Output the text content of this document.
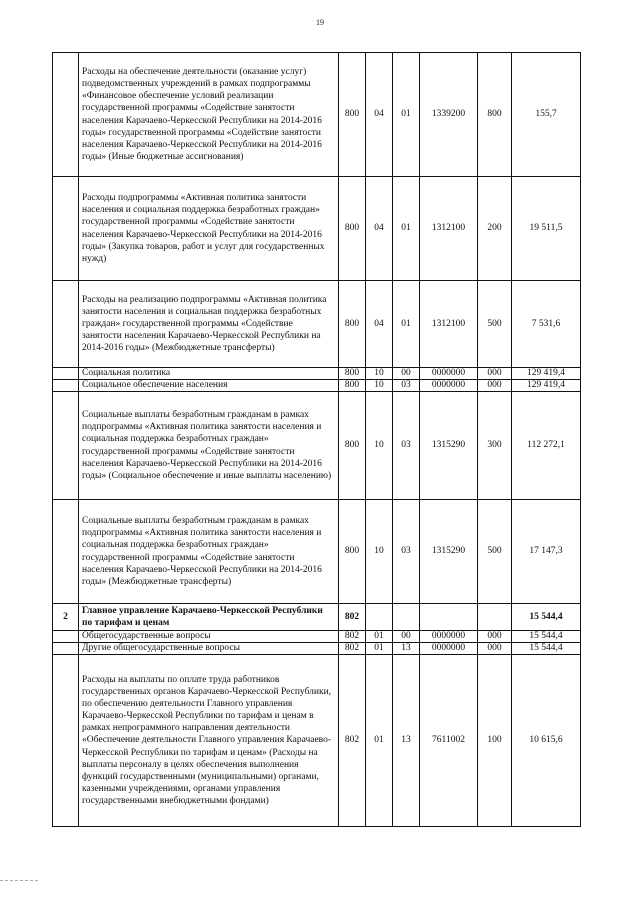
19
	Расходы на обеспечение деятельности (оказание услуг) подведомственных учреждений в рамках подпрограммы «Финансовое обеспечение условий реализации государственной программы «Содействие занятости населения Карачаево-Черкесской Республики на 2014-2016 годы» государственной программы «Содействие занятости населения Карачаево-Черкесской Республики на 2014-2016 годы» (Иные бюджетные ассигнования)	800	04	01	1339200	800	155,7
	Расходы подпрограммы «Активная политика занятости населения и социальная поддержка безработных граждан» государственной программы «Содействие занятости населения Карачаево-Черкесской Республики на 2014-2016 годы» (Закупка товаров, работ и услуг для государственных нужд)	800	04	01	1312100	200	19 511,5
	Расходы на реализацию подпрограммы «Активная политика занятости населения и социальная поддержка безработных граждан» государственной программы «Содействие занятости населения Карачаево-Черкесской Республики на 2014-2016 годы» (Межбюджетные трансферты)	800	04	01	1312100	500	7 531,6
	Социальная политика	800	10	00	0000000	000	129 419,4
	Социальное обеспечение населения	800	10	03	0000000	000	129 419,4
	Социальные выплаты безработным гражданам в рамках подпрограммы «Активная политика занятости населения и социальная поддержка безработных граждан» государственной программы «Содействие занятости населения Карачаево-Черкесской Республики на 2014-2016 годы» (Социальное обеспечение и иные выплаты населению)	800	10	03	1315290	300	112 272,1
	Социальные выплаты безработным гражданам в рамках подпрограммы «Активная политика занятости населения и социальная поддержка безработных граждан» государственной программы «Содействие занятости населения Карачаево-Черкесской Республики на 2014-2016 годы» (Межбюджетные трансферты)	800	10	03	1315290	500	17 147,3
2	Главное управление Карачаево-Черкесской Республики по тарифам и ценам	802					15 544,4
	Общегосударственные вопросы	802	01	00	0000000	000	15 544,4
	Другие общегосударственные вопросы	802	01	13	0000000	000	15 544,4
	Расходы на выплаты по оплате труда работников государственных органов Карачаево-Черкесской Республики, по обеспечению деятельности Главного управления Карачаево-Черкесской Республики по тарифам и ценам в рамках непрограммного направления деятельности «Обеспечение деятельности Главного управления Карачаево-Черкесской Республики по тарифам и ценам» (Расходы на выплаты персоналу в целях обеспечения выполнения функций государственными (муниципальными) органами, казенными учреждениями, органами управления государственными внебюджетными фондами)	802	01	13	7611002	100	10 615,6
